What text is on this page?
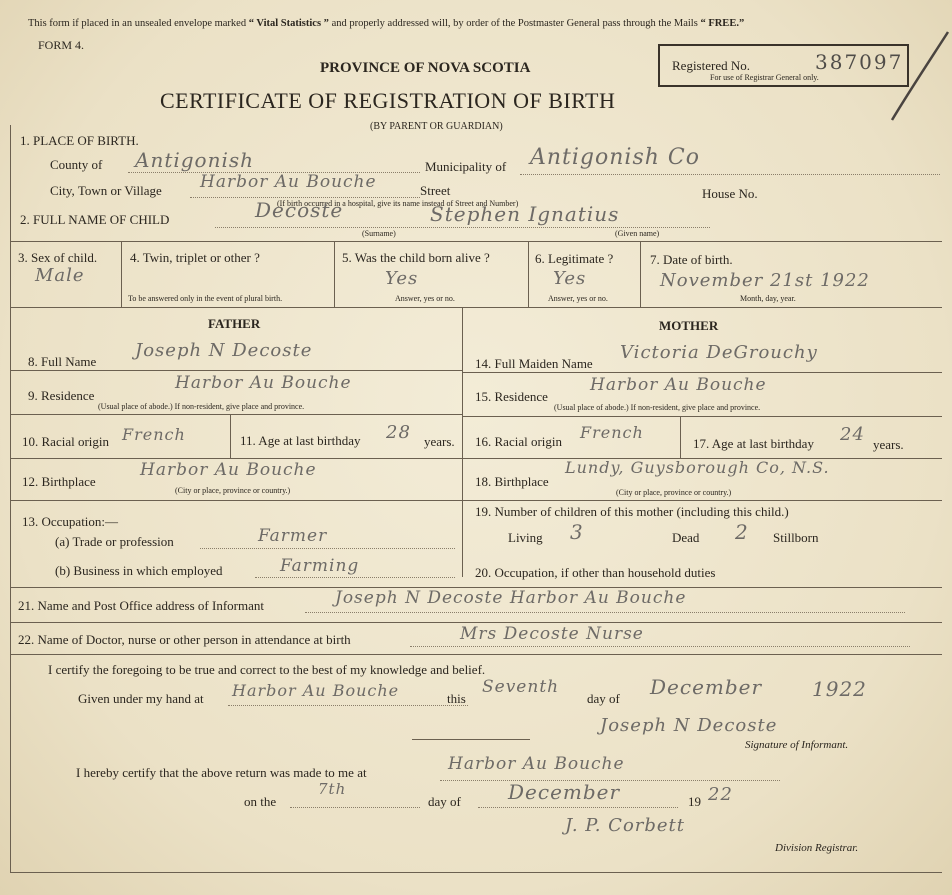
This form if placed in an unsealed envelope marked “ Vital Statistics ” and properly addressed will, by order of the Postmaster General pass through the Mails “ FREE.”
FORM 4.
PROVINCE OF NOVA SCOTIA
CERTIFICATE OF REGISTRATION OF BIRTH
(BY PARENT OR GUARDIAN)
Registered No.	387097
For use of Registrar General only.
1. PLACE OF BIRTH.
County of Antigonish	Municipality of Antigonish Co
City, Town or Village Harbor Au Bouche	Street	House No.
(If birth occurred in a hospital, give its name instead of Street and Number)
2. FULL NAME OF CHILD	Decoste	Stephen Ignatius
(Surname)	(Given name)
3. Sex of child.
Male
4. Twin, triplet or other ?
To be answered only in the event of plural birth.
5. Was the child born alive ?
Yes
Answer, yes or no.
6. Legitimate ?
Yes
Answer, yes or no.
7. Date of birth.
November 21st 1922
Month, day, year.
FATHER	MOTHER
8. Full Name
Joseph N Decoste
9. Residence
Harbor Au Bouche
(Usual place of abode.) If non-resident, give place and province.
10. Racial origin French	11. Age at last birthday 28 years.
12. Birthplace
Harbor Au Bouche
(City or place, province or country.)
13. Occupation:—
(a) Trade or profession	Farmer
(b) Business in which employed	Farming
14. Full Maiden Name
Victoria DeGrouchy
15. Residence
Harbor Au Bouche
(Usual place of abode.) If non-resident, give place and province.
16. Racial origin French
17. Age at last birthday 24 years.
18. Birthplace
Lundy, Guysborough Co, N.S.
(City or place, province or country.)
19. Number of children of this mother (including this child.)
Living 3	Dead 2 Stillborn
20. Occupation, if other than household duties
21. Name and Post Office address of Informant	Joseph N Decoste Harbor Au Bouche
22. Name of Doctor, nurse or other person in attendance at birth	Mrs Decoste Nurse
I certify the foregoing to be true and correct to the best of my knowledge and belief.
Given under my hand at Harbor Au Bouche	this
Seventh
day of December 1922
Joseph N Decoste
Signature of Informant.
I hereby certify that the above return was made to me at	Harbor Au Bouche
on the
7th
day of December	19 22
J. P. Corbett
Division Registrar.
